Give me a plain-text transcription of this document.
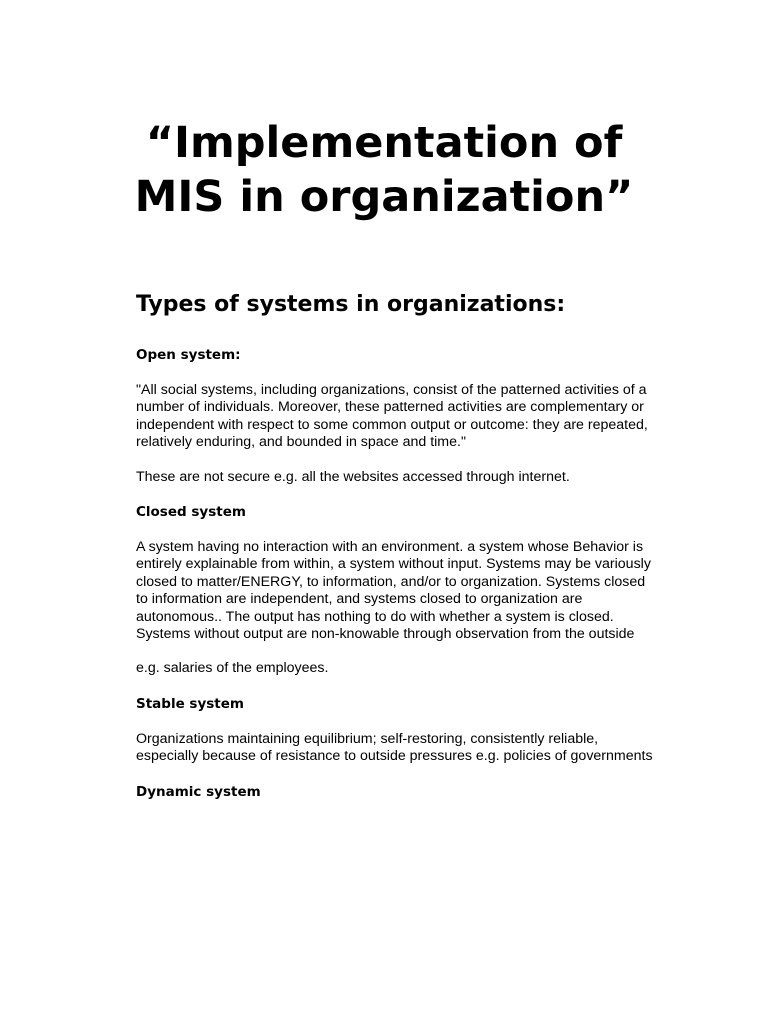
“Implementation of
MIS in organization”
Types of systems in organizations:
Open system:

"All social systems, including organizations, consist of the patterned activities of a number of individuals. Moreover, these patterned activities are complementary or independent with respect to some common output or outcome: they are repeated, relatively enduring, and bounded in space and time."

These are not secure e.g. all the websites accessed through internet.

Closed system

A system having no interaction with an environment. a system whose Behavior is entirely explainable from within, a system without input. Systems may be variously closed to matter/ENERGY, to information, and/or to organization. Systems closed to information are independent, and systems closed to organization are autonomous.. The output has nothing to do with whether a system is closed. Systems without output are non-knowable through observation from the outside

e.g. salaries of the employees.

Stable system

Organizations maintaining equilibrium; self-restoring, consistently reliable, especially because of resistance to outside pressures e.g. policies of governments

Dynamic system
